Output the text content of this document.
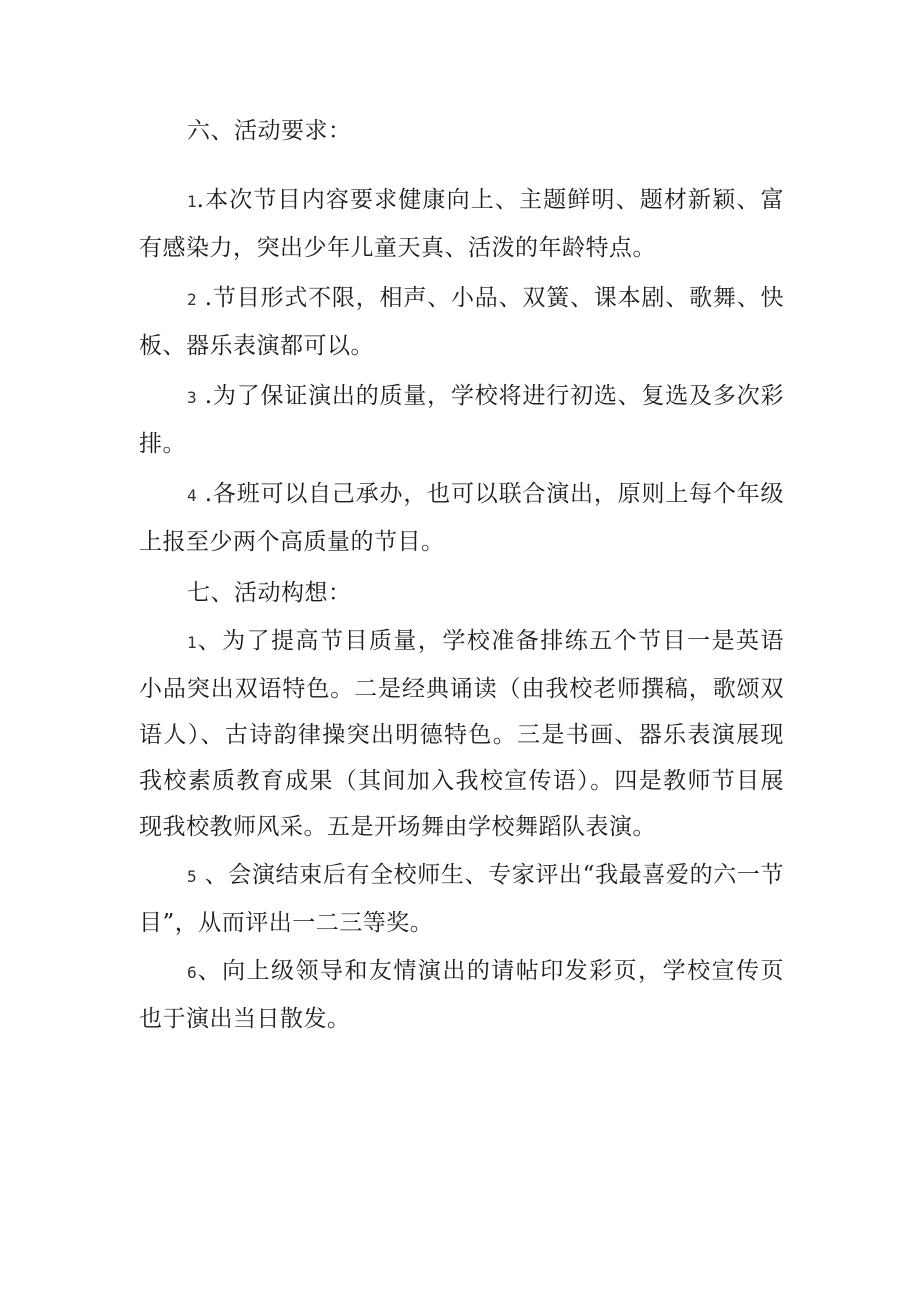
六、活动要求：

1.本次节目内容要求健康向上、主题鲜明、题材新颖、富有感染力，突出少年儿童天真、活泼的年龄特点。

2 .节目形式不限，相声、小品、双簧、课本剧、歌舞、快板、器乐表演都可以。

3 .为了保证演出的质量，学校将进行初选、复选及多次彩排。

4 .各班可以自己承办，也可以联合演出，原则上每个年级上报至少两个高质量的节目。

七、活动构想：

1、为了提高节目质量，学校准备排练五个节目一是英语小品突出双语特色。二是经典诵读（由我校老师撰稿，歌颂双语人）、古诗韵律操突出明德特色。三是书画、器乐表演展现我校素质教育成果（其间加入我校宣传语）。四是教师节目展现我校教师风采。五是开场舞由学校舞蹈队表演。

5 、会演结束后有全校师生、专家评出“我最喜爱的六一节目”，从而评出一二三等奖。

6、向上级领导和友情演出的请帖印发彩页，学校宣传页也于演出当日散发。
